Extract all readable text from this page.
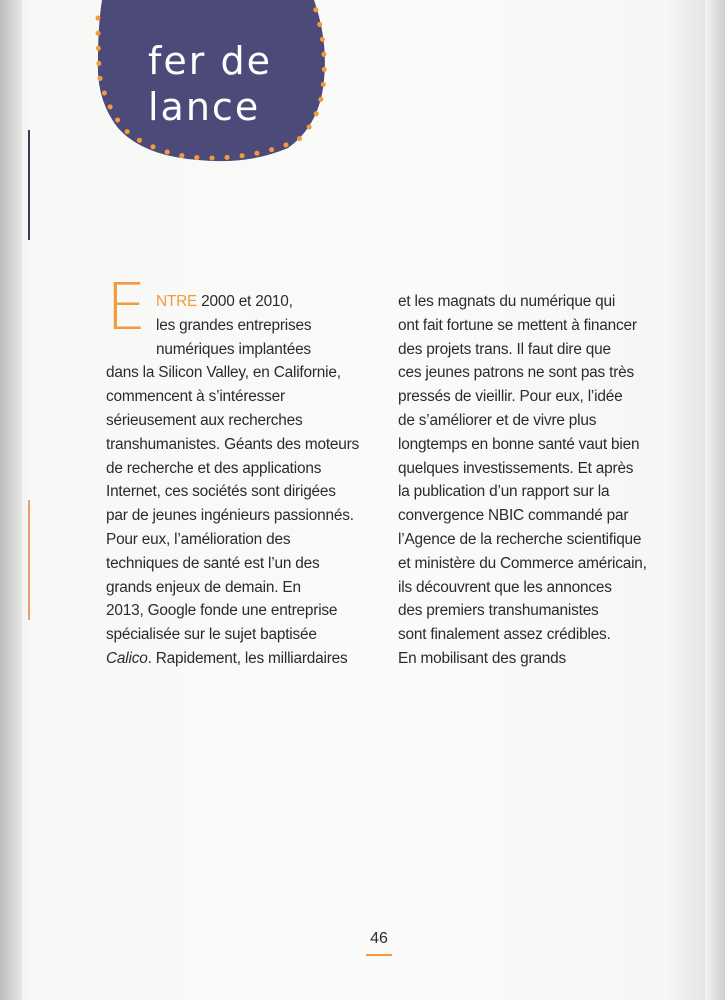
fer de
lance
E NTRE 2000 et 2010,
les grandes entreprises
numériques implantées
dans la Silicon Valley, en Californie,
commencent à s’intéresser
sérieusement aux recherches
transhumanistes. Géants des moteurs
de recherche et des applications
Internet, ces sociétés sont dirigées
par de jeunes ingénieurs passionnés.
Pour eux, l’amélioration des
techniques de santé est l’un des
grands enjeux de demain. En
2013, Google fonde une entreprise
spécialisée sur le sujet baptisée
Calico. Rapidement, les milliardaires
et les magnats du numérique qui
ont fait fortune se mettent à financer
des projets trans. Il faut dire que
ces jeunes patrons ne sont pas très
pressés de vieillir. Pour eux, l’idée
de s’améliorer et de vivre plus
longtemps en bonne santé vaut bien
quelques investissements. Et après
la publication d’un rapport sur la
convergence NBIC commandé par
l’Agence de la recherche scientifique
et ministère du Commerce américain,
ils découvrent que les annonces
des premiers transhumanistes
sont finalement assez crédibles.
En mobilisant des grands
46
